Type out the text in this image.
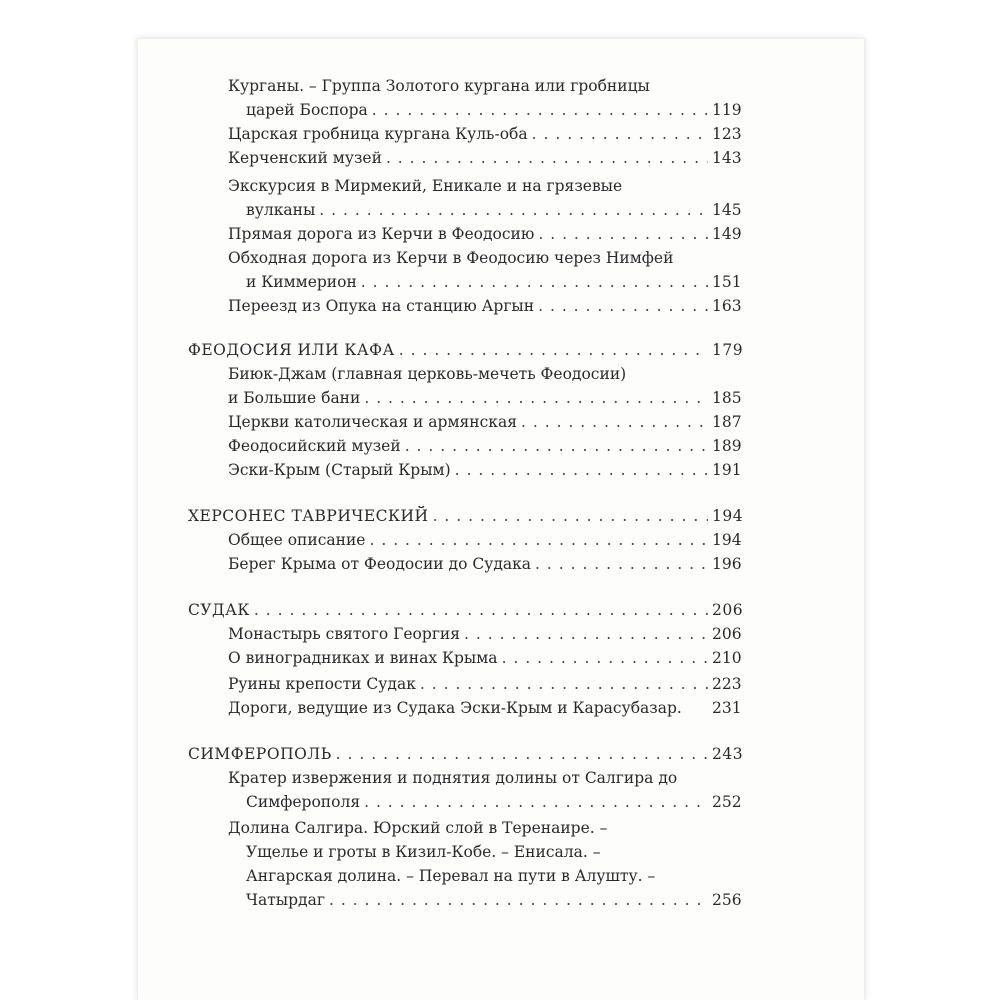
Курганы. – Группа Золотого кургана или гробницы
царей Боспора . . .	119
Царская гробница кургана Куль-оба . . .	123
Керченский музей . . .	143
Экскурсия в Мирмекий, Еникале и на грязевые
вулканы . . .	145
Прямая дорога из Керчи в Феодосию . . .	149
Обходная дорога из Керчи в Феодосию через Нимфей
и Киммерион . . .	151
Переезд из Опука на станцию Аргын . . .	163
ФЕОДОСИЯ ИЛИ КАФА . . .	179
Биюк-Джам (главная церковь-мечеть Феодосии)
и Большие бани . . .	185
Церкви католическая и армянская . . .	187
Феодосийский музей . . .	189
Эски-Крым (Старый Крым) . . .	191
ХЕРСОНЕС ТАВРИЧЕСКИЙ . . .	194
Общее описание . . .	194
Берег Крыма от Феодосии до Судака . . .	196
СУДАК . . .	206
Монастырь святого Георгия . . .	206
О виноградниках и винах Крыма . . .	210
Руины крепости Судак . . .	223
Дороги, ведущие из Судака Эски-Крым и Карасубазар. 231
СИМФЕРОПОЛЬ . . .	243
Кратер извержения и поднятия долины от Салгира до
Симферополя . . .	252
Долина Салгира. Юрский слой в Теренаире. –
Ущелье и гроты в Кизил-Кобе. – Енисала. –
Ангарская долина. – Перевал на пути в Алушту. –
Чатырдаг . . .	256
